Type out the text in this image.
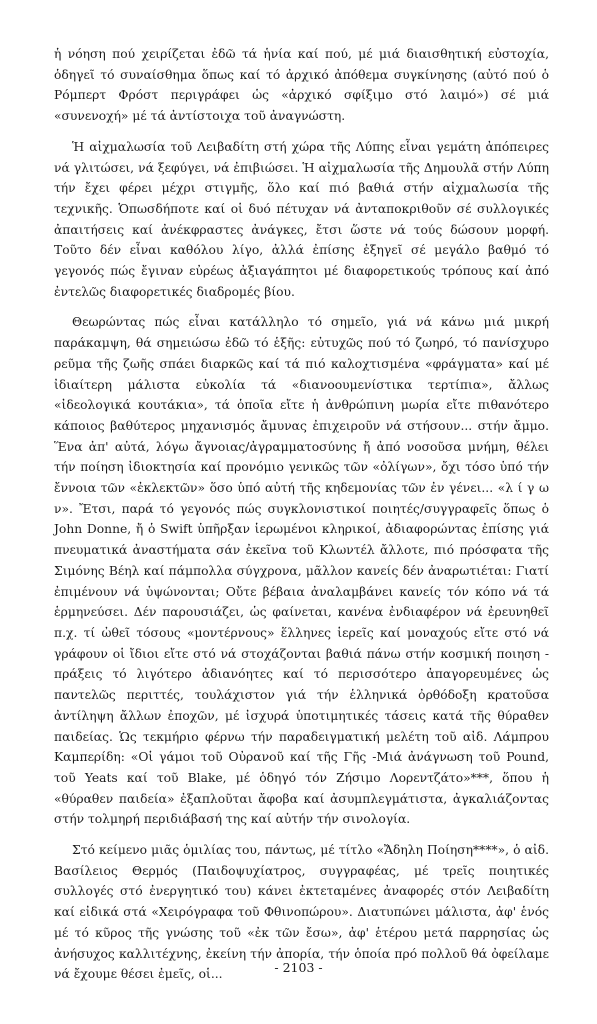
ἡ νόηση πού χειρίζεται ἐδῶ τά ἡνία καί πού, μέ μιά διαισθητική εὐστοχία, ὁδηγεῖ τό συναίσθημα ὅπως καί τό ἀρχικό ἀπόθεμα συγκίνησης (αὐτό πού ὁ Ρόμπερτ Φρόστ περιγράφει ὡς «ἀρχικό σφίξιμο στό λαιμό») σέ μιά «συνενοχή» μέ τά ἀντίστοιχα τοῦ ἀναγνώστη.

Ἡ αἰχμαλωσία τοῦ Λειβαδίτη στή χώρα τῆς Λύπης εἶναι γεμάτη ἀπόπειρες νά γλιτώσει, νά ξεφύγει, νά ἐπιβιώσει. Ἡ αἰχμαλωσία τῆς Δημουλᾶ στήν Λύπη τήν ἔχει φέρει μέχρι στιγμῆς, ὅλο καί πιό βαθιά στήν αἰχμαλωσία τῆς τεχνικῆς. Ὁπωσδήποτε καί οἱ δυό πέτυχαν νά ἀνταποκριθοῦν σέ συλλογικές ἀπαιτήσεις καί ἀνέκφραστες ἀνάγκες, ἔτσι ὥστε νά τούς δώσουν μορφή. Τοῦτο δέν εἶναι καθόλου λίγο, ἀλλά ἐπίσης ἐξηγεῖ σέ μεγάλο βαθμό τό γεγονός πώς ἔγιναν εὐρέως ἀξιαγάπητοι μέ διαφορετικούς τρόπους καί ἀπό ἐντελῶς διαφορετικές διαδρομές βίου.

Θεωρώντας πώς εἶναι κατάλληλο τό σημεῖο, γιά νά κάνω μιά μικρή παράκαμψη, θά σημειώσω ἐδῶ τό ἑξῆς: εὐτυχῶς πού τό ζωηρό, τό πανίσχυρο ρεῦμα τῆς ζωῆς σπάει διαρκῶς καί τά πιό καλοχτισμένα «φράγματα» καί μέ ἰδιαίτερη μάλιστα εὐκολία τά «διανοουμενίστικα τερτίπια», ἄλλως «ἰδεολογικά κουτάκια», τά ὁποῖα εἴτε ἡ ἀνθρώπινη μωρία εἴτε πιθανότερο κάποιος βαθύτερος μηχανισμός ἄμυνας ἐπιχειροῦν νά στήσουν... στήν ἄμμο. Ἕνα ἀπ' αὐτά, λόγω ἄγνοιας/ἀγραμματοσύνης ἤ ἀπό νοσοῦσα μνήμη, θέλει τήν ποίηση ἰδιοκτησία καί προνόμιο γενικῶς τῶν «ὀλίγων», ὄχι τόσο ὑπό τήν ἔννοια τῶν «ἐκλεκτῶν» ὅσο ὑπό αὐτή τῆς κηδεμονίας τῶν ἐν γένει... «λ ί γ ω ν». Ἔτσι, παρά τό γεγονός πώς συγκλονιστικοί ποιητές/συγγραφεῖς ὅπως ὁ John Donne, ἤ ὁ Swift ὑπῆρξαν ἱερωμένοι κληρικοί, ἀδιαφορώντας ἐπίσης γιά πνευματικά ἀναστήματα σάν ἐκεῖνα τοῦ Κλωντέλ ἄλλοτε, πιό πρόσφατα τῆς Σιμόνης Βέηλ καί πάμπολλα σύγχρονα, μᾶλλον κανείς δέν ἀναρωτιέται: Γιατί ἐπιμένουν νά ὑψώνονται; Οὔτε βέβαια ἀναλαμβάνει κανείς τόν κόπο νά τά ἑρμηνεύσει. Δέν παρουσιάζει, ὡς φαίνεται, κανένα ἐνδιαφέρον νά ἐρευνηθεῖ π.χ. τί ὠθεῖ τόσους «μοντέρνους» ἕλληνες ἱερεῖς καί μοναχούς εἴτε στό νά γράφουν οἱ ἴδιοι εἴτε στό νά στοχάζονται βαθιά πάνω στήν κοσμική ποιηση - πράξεις τό λιγότερο ἀδιανόητες καί τό περισσότερο ἀπαγορευμένες ὡς παντελῶς περιττές, τουλάχιστον γιά τήν ἑλληνικά ὀρθόδοξη κρατοῦσα ἀντίληψη ἄλλων ἐποχῶν, μέ ἰσχυρά ὑποτιμητικές τάσεις κατά τῆς θύραθεν παιδείας. Ὡς τεκμήριο φέρνω τήν παραδειγματική μελέτη τοῦ αἰδ. Λάμπρου Καμπερίδη: «Οἱ γάμοι τοῦ Οὐρανοῦ καί τῆς Γῆς -Μιά ἀνάγνωση τοῦ Pound, τοῦ Yeats καί τοῦ Blake, μέ ὁδηγό τόν Ζήσιμο Λορεντζάτο»***, ὅπου ἡ «θύραθεν παιδεία» ἐξαπλοῦται ἄφοβα καί ἀσυμπλεγμάτιστα, ἀγκαλιάζοντας στήν τολμηρή περιδιάβασή της καί αὐτήν τήν σινολογία.

Στό κείμενο μιᾶς ὁμιλίας του, πάντως, μέ τίτλο «Ἄδηλη Ποίηση****», ὁ αἰδ. Βασίλειος Θερμός (Παιδοψυχίατρος, συγγραφέας, μέ τρεῖς ποιητικές συλλογές στό ἐνεργητικό του) κάνει ἐκτεταμένες ἀναφορές στόν Λειβαδίτη καί εἰδικά στά «Χειρόγραφα τοῦ Φθινοπώρου». Διατυπώνει μάλιστα, ἀφ' ἑνός μέ τό κῦρος τῆς γνώσης τοῦ «ἐκ τῶν ἔσω», ἀφ' ἑτέρου μετά παρρησίας ὡς ἀνήσυχος καλλιτέχνης, ἐκείνη τήν ἀπορία, τήν ὁποία πρό πολλοῦ θά ὀφείλαμε νά ἔχουμε θέσει ἐμεῖς, οἱ...	- 2103 -
